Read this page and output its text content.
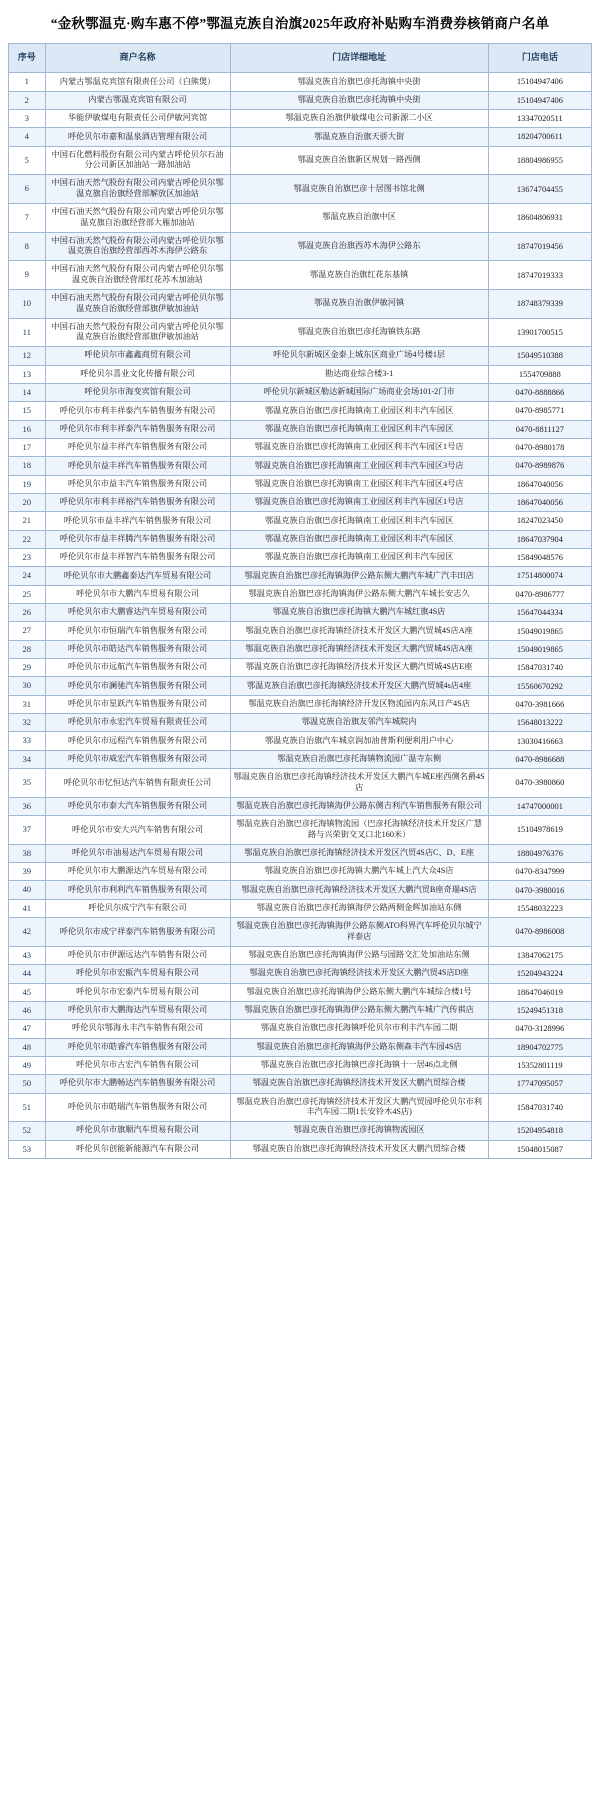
“金秋鄂温克·购车惠不停”鄂温克族自治旗2025年政府补贴购车消费券核销商户名单
序号	商户名称	门店详细地址	门店电话
1	内蒙古鄂温克宾馆有限责任公司（白熊煲）	鄂温克族自治旗巴彦托海镇中央街	15104947406
2	内蒙古鄂温克宾馆有限公司	鄂温克族自治旗巴彦托海镇中央街	15104947406
3	华能伊敏煤电有限责任公司伊敏河宾馆	鄂温克族自治旗伊敏煤电公司新源二小区	13347020511
4	呼伦贝尔市嘉和温泉酒店管理有限公司	鄂温克族自治旗天骄大街	18204700611
5	中国石化燃料股份有限公司内蒙古呼伦贝尔石油分公司新区加油站一路加油站	鄂温克族自治旗新区规划一路西侧	18804986955
6	中国石油天然气股份有限公司内蒙古呼伦贝尔鄂温克旗自治旗经营部解放区加油站	鄂温克族自治旗巴彦十居图书馆北侧	13674704455
7	中国石油天然气股份有限公司内蒙古呼伦贝尔鄂温克旗自治旗经营部大雁加油站	鄂温克族自治旗中区	18604806931
8	中国石油天然气股份有限公司内蒙古呼伦贝尔鄂温克族自治旗经营部西苏木海伊公路东	鄂温克族自治旗西苏木海伊公路东	18747019456
9	中国石油天然气股份有限公司内蒙古呼伦贝尔鄂温克族自治旗经营部红花苏木加油站	鄂温克族自治旗红花东基镇	18747019333
10	中国石油天然气股份有限公司内蒙古呼伦贝尔鄂温克族自治旗经营部旗伊敏加油站	鄂温克族自治旗伊敏河镇	18748379339
11	中国石油天然气股份有限公司内蒙古呼伦贝尔鄂温克族自治旗经营部旗伊敏加油站	鄂温克族自治旗巴彦托海镇铁东路	13901700515
12	呼伦贝尔市鑫鑫商贸有限公司	呼伦贝尔新城区金泰上城东区商业广场4号楼1层	15049510388
13	呼伦贝尔喜业文化传播有限公司	勘达商业综合楼3-1	1554709888
14	呼伦贝尔市海变宾馆有限公司	呼伦贝尔新城区勒达新城国际广场商业会场101-2门市	0470-8888866
15	呼伦贝尔市利丰祥泰汽车销售服务有限公司	鄂温克族自治旗巴彦托海镇南工业园区利丰汽车园区	0470-8985771
16	呼伦贝尔市利丰祥泰汽车销售服务有限公司	鄂温克族自治旗巴彦托海镇南工业园区利丰汽车园区	0470-8811127
17	呼伦贝尔益丰祥汽车销售服务有限公司	鄂温克族自治旗巴彦托海镇南工业园区利丰汽车园区1号店	0470-8980178
18	呼伦贝尔益丰祥汽车销售服务有限公司	鄂温克族自治旗巴彦托海镇南工业园区利丰汽车园区3号店	0470-8989876
19	呼伦贝尔市益丰汽车销售服务有限公司	鄂温克族自治旗巴彦托海镇南工业园区利丰汽车园区4号店	18647040056
20	呼伦贝尔市利丰祥裕汽车销售服务有限公司	鄂温克族自治旗巴彦托海镇南工业园区利丰汽车园区1号店	18647040056
21	呼伦贝尔市益丰祥汽车销售服务有限公司	鄂温克族自治旗巴彦托海镇南工业园区利丰汽车园区	18247023450
22	呼伦贝尔市益丰祥腾汽车销售服务有限公司	鄂温克族自治旗巴彦托海镇南工业园区利丰汽车园区	18647037904
23	呼伦贝尔市益丰祥智汽车销售服务有限公司	鄂温克族自治旗巴彦托海镇南工业园区利丰汽车园区	15849048576
24	呼伦贝尔市大鹏鑫泰达汽车贸易有限公司	鄂温克族自治旗巴彦托海镇海伊公路东侧大鹏汽车城广汽丰田店	17514800074
25	呼伦贝尔市大鹏汽车贸易有限公司	鄂温克族自治旗巴彦托海镇海伊公路东侧大鹏汽车城长安志久	0470-8986777
26	呼伦贝尔市大鹏睿达汽车贸易有限公司	鄂温克族自治旗巴彦托海镇大鹏汽车城红旗4S店	15647044334
27	呼伦贝尔市恒瑞汽车销售服务有限公司	鄂温克族自治旗巴彦托海镇经济技术开发区大鹏汽贸城4S店A座	15049019865
28	呼伦贝尔市皓达汽车销售服务有限公司	鄂温克族自治旗巴彦托海镇经济技术开发区大鹏汽贸城4S店A座	15049019865
29	呼伦贝尔市远航汽车销售服务有限公司	鄂温克族自治旗巴彦托海镇经济技术开发区大鹏汽贸城4S店E座	15847031740
30	呼伦贝尔市澜驰汽车销售服务有限公司	鄂温克族自治旗巴彦托海镇经济技术开发区大鹏汽贸城4s店4座	15560670292
31	呼伦贝尔市星跃汽车销售服务有限公司	鄂温克族自治旗巴彦托海镇经济开发区物流园内东风日产4S店	0470-3981666
32	呼伦贝尔市永宏汽车贸易有限责任公司	鄂温克族自治旗友邻汽车城院内	15648013222
33	呼伦贝尔市远程汽车销售服务有限公司	鄂温克族自治旗汽车城京润加油普斯利便利用户中心	13030416663
34	呼伦贝尔市威宏汽车销售服务有限公司	鄂温克族自治旗巴彦托海镇物流园广温寺东侧	0470-8986688
35	呼伦贝尔市忆恒达汽车销售有限责任公司	鄂温克族自治旗巴彦托海镇经济技术开发区大鹏汽车城E座西侧名爵4S店	0470-3980860
36	呼伦贝尔市泰大汽车销售服务有限公司	鄂温克族自治旗巴彦托海镇海伊公路东侧吉利汽车销售服务有限公司	14747000001
37	呼伦贝尔市安大兴汽车销售有限公司	鄂温克族自治旗巴彦托海镇物流园（巴彦托海镇经济技术开发区广慧路与兴荣街交叉口北160米）	15104978619
38	呼伦贝尔市油易达汽车贸易有限公司	鄂温克族自治旗巴彦托海镇经济技术开发区汽贸4S店C、D、E座	18804976376
39	呼伦贝尔市大鹏源达汽车贸易有限公司	鄂温克族自治旗巴彦托海镇大鹏汽车城上汽大众4S店	0470-8347999
40	呼伦贝尔市利利汽车销售服务有限公司	鄂温克族自治旗巴彦托海镇经济技术开发区大鹏汽贸B座奇瑞4S店	0470-3980016
41	呼伦贝尔成宁汽车有限公司	鄂温克族自治旗巴彦托海镇海伊公路两侧金辉加油站东侧	15548032223
42	呼伦贝尔市成宁祥泰汽车销售服务有限公司	鄂温克族自治旗巴彦托海镇海伊公路东侧ATO科界汽车呼伦贝尔城宁祥泰店	0470-8986008
43	呼伦贝尔市伊源远达汽车销售有限公司	鄂温克族自治旗巴彦托海镇海伊公路与园路交汇处加油站东侧	13847062175
44	呼伦贝尔市宏瓯汽车贸易有限公司	鄂温克族自治旗巴彦托海镇经济技术开发区大鹏汽贸4S店D座	15204943224
45	呼伦贝尔市宏泰汽车贸易有限公司	鄂温克族自治旗巴彦托海镇海伊公路东侧大鹏汽车城综合楼1号	18647046019
46	呼伦贝尔市大鹏海达汽车贸易有限公司	鄂温克族自治旗巴彦托海镇海伊公路东侧大鹏汽车城广汽传祺店	15249451318
47	呼伦贝尔鄂海永丰汽车销售有限公司	鄂温克族自治旗巴彦托海镇呼伦贝尔市利丰汽车园二期	0470-3128996
48	呼伦贝尔市皓睿汽车销售服务有限公司	鄂温克族自治旗巴彦托海镇海伊公路东侧森丰汽车园4S店	18904702775
49	呼伦贝尔市古宏汽车销售有限公司	鄂温克族自治旗巴彦托海镇巴彦托海镇十一居46点北侧	15352801119
50	呼伦贝尔市大鹏畅达汽车销售服务有限公司	鄂温克族自治旗巴彦托海镇经济技术开发区大鹏汽贸综合楼	17747095057
51	呼伦贝尔市皓瑞汽车销售服务有限公司	鄂温克族自治旗巴彦托海镇经济技术开发区大鹏汽贸园呼伦贝尔市利丰汽车园二期1长安铃木4S店)	15847031740
52	呼伦贝尔市旗顺汽车贸易有限公司	鄂温克族自治旗巴彦托海镇物流园区	15204954818
53	呼伦贝尔创能新能源汽车有限公司	鄂温克族自治旗巴彦托海镇经济技术开发区大鹏汽贸综合楼	15048015087
